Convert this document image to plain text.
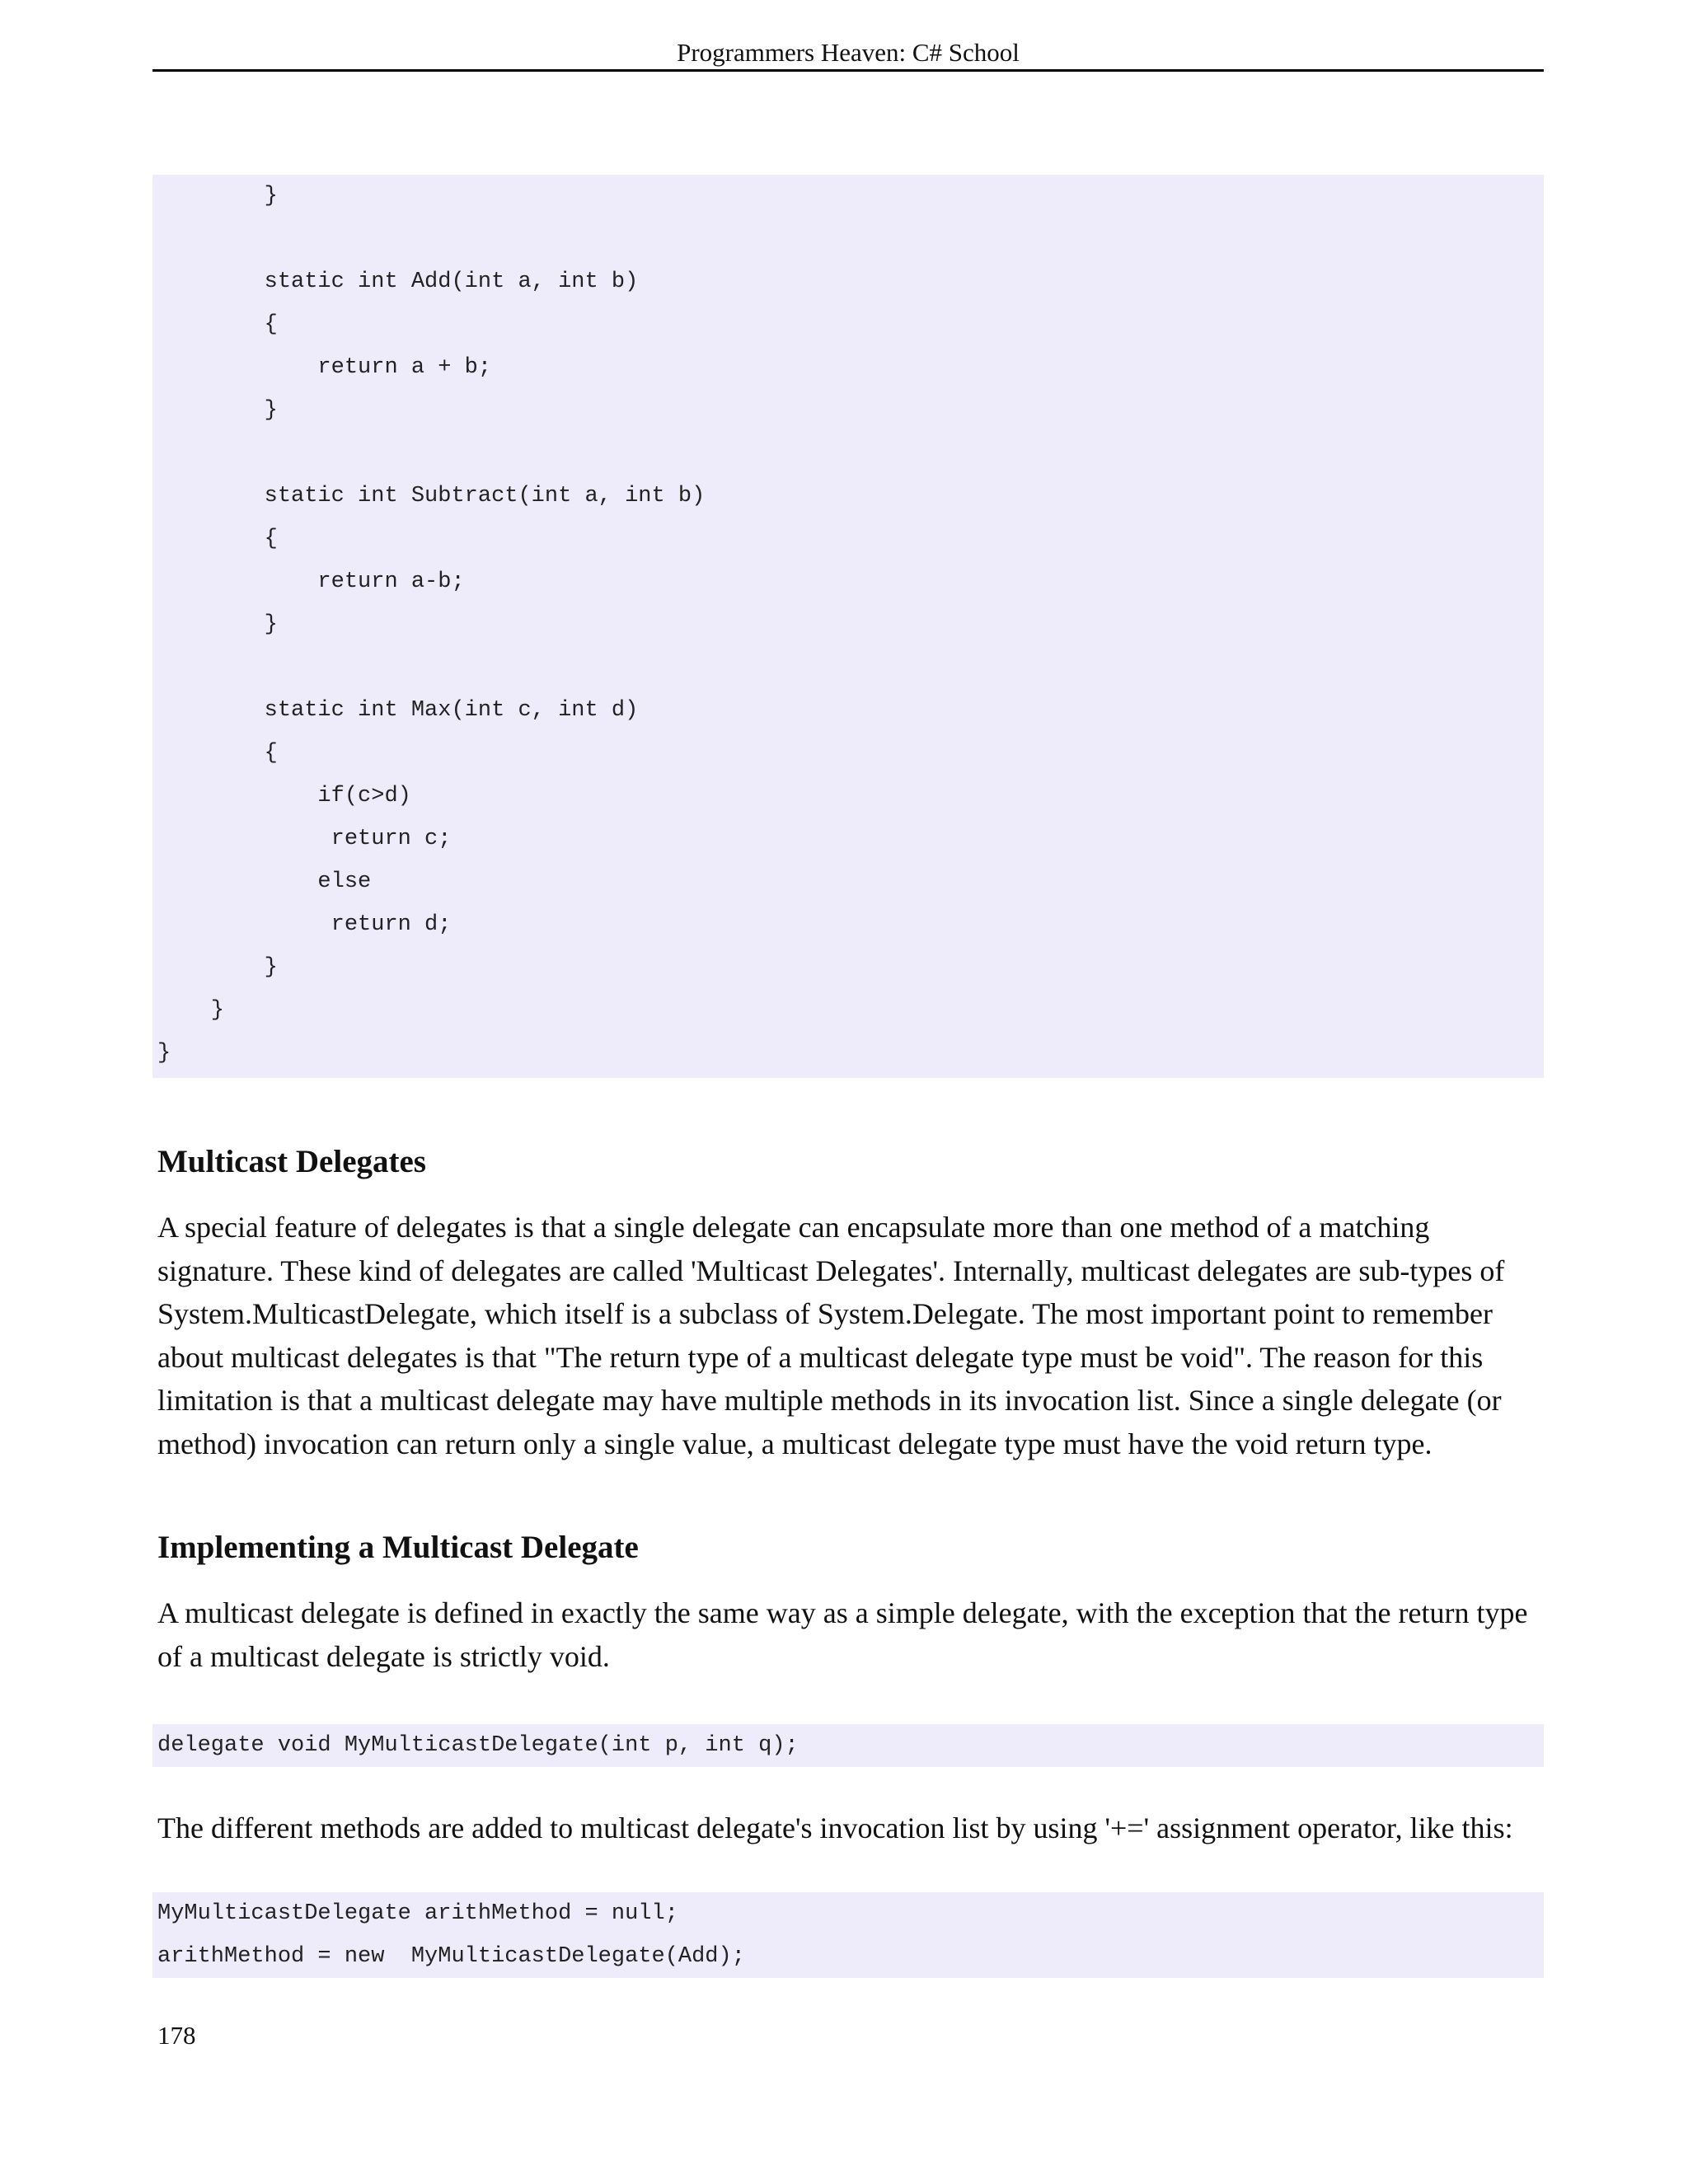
Programmers Heaven: C# School
}
static int Add(int a, int b)
{
return a + b;
}
static int Subtract(int a, int b)
{
return a-b;
}
static int Max(int c, int d)
{
if(c>d)
return c;
else
return d;
}
}
}
Multicast Delegates

A special feature of delegates is that a single delegate can encapsulate more than one method of a matching signature. These kind of delegates are called 'Multicast Delegates'. Internally, multicast delegates are sub-types of System.MulticastDelegate, which itself is a subclass of System.Delegate. The most important point to remember about multicast delegates is that "The return type of a multicast delegate type must be void". The reason for this limitation is that a multicast delegate may have multiple methods in its invocation list. Since a single delegate (or method) invocation can return only a single value, a multicast delegate type must have the void return type.

Implementing a Multicast Delegate

A multicast delegate is defined in exactly the same way as a simple delegate, with the exception that the return type of a multicast delegate is strictly void.

delegate void MyMulticastDelegate(int p, int q);

The different methods are added to multicast delegate's invocation list by using '+=' assignment operator, like this:

MyMulticastDelegate arithMethod = null;
arithMethod = new  MyMulticastDelegate(Add);
178
